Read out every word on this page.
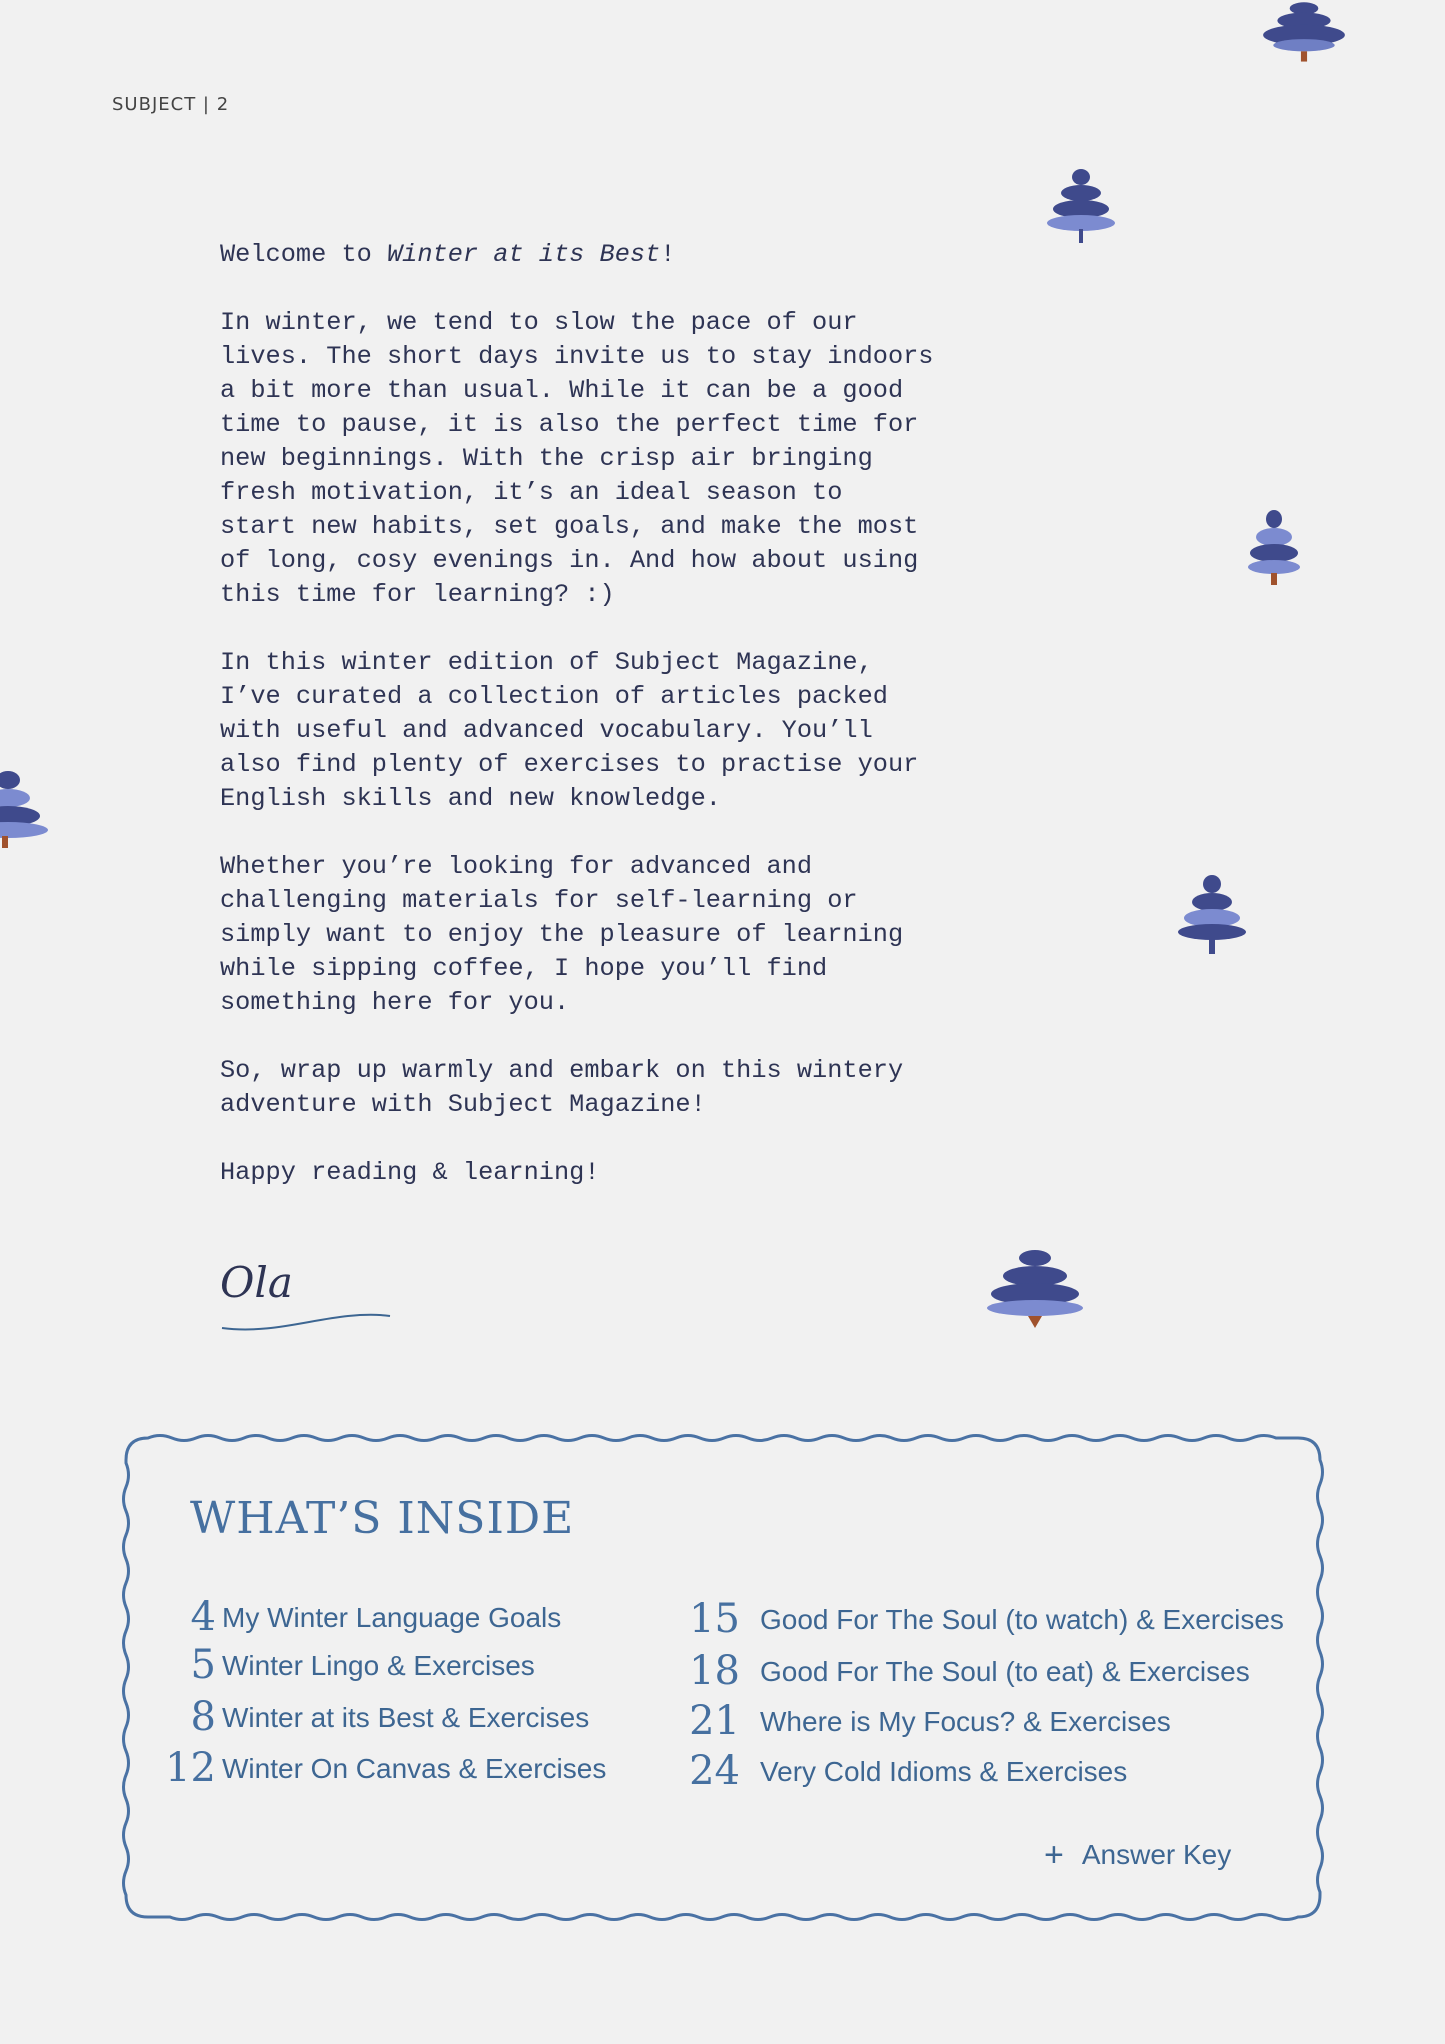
SUBJECT | 2

Welcome to Winter at its Best!

In winter, we tend to slow the pace of our
lives. The short days invite us to stay indoors
a bit more than usual. While it can be a good
time to pause, it is also the perfect time for
new beginnings. With the crisp air bringing
fresh motivation, it’s an ideal season to
start new habits, set goals, and make the most
of long, cosy evenings in. And how about using
this time for learning? :)

In this winter edition of Subject Magazine,
I’ve curated a collection of articles packed
with useful and advanced vocabulary. You’ll
also find plenty of exercises to practise your
English skills and new knowledge.

Whether you’re looking for advanced and
challenging materials for self-learning or
simply want to enjoy the pleasure of learning
while sipping coffee, I hope you’ll find
something here for you.

So, wrap up warmly and embark on this wintery
adventure with Subject Magazine!

Happy reading & learning!

Ola
WHAT’S INSIDE
4 My Winter Language Goals
5 Winter Lingo & Exercises
8 Winter at its Best & Exercises
12 Winter On Canvas & Exercises
15 Good For The Soul (to watch) & Exercises
18 Good For The Soul (to eat) & Exercises
21 Where is My Focus? & Exercises
24 Very Cold Idioms & Exercises
+ Answer Key
